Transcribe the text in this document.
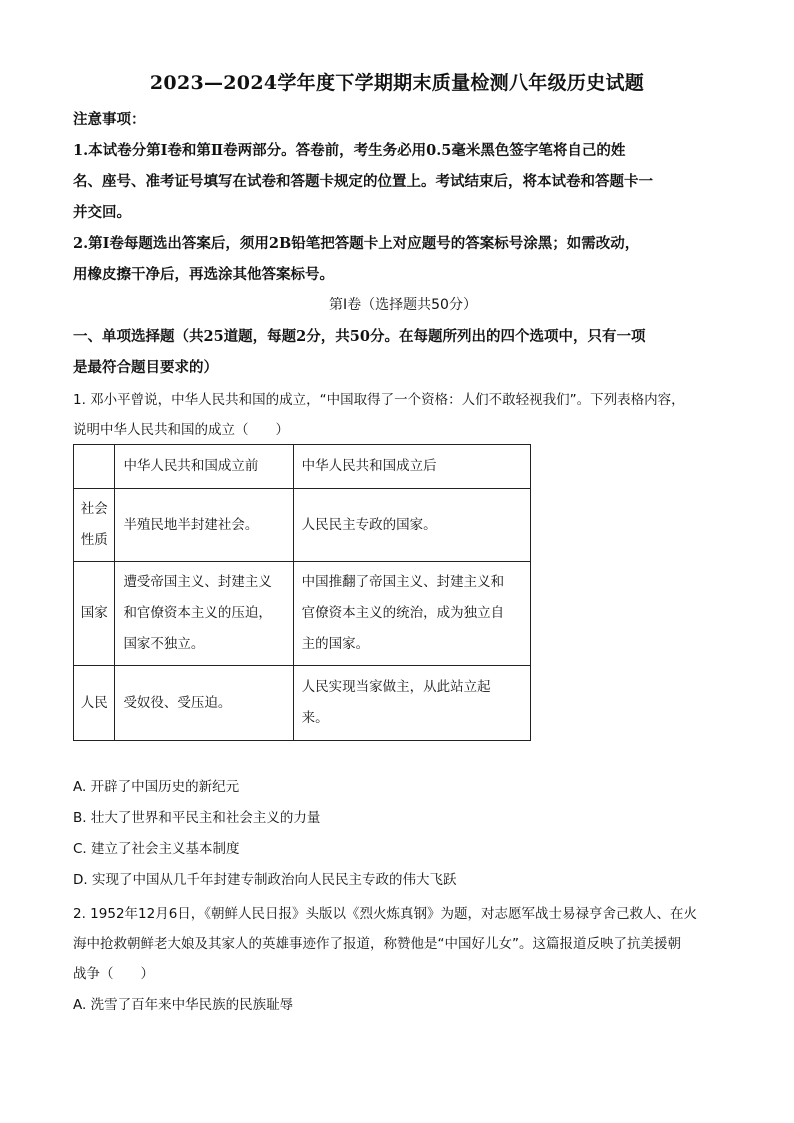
2023—2024学年度下学期期末质量检测八年级历史试题

注意事项：

1.本试卷分第Ⅰ卷和第Ⅱ卷两部分。答卷前，考生务必用0.5毫米黑色签字笔将自己的姓
名、座号、准考证号填写在试卷和答题卡规定的位置上。考试结束后，将本试卷和答题卡一
并交回。

2.第Ⅰ卷每题选出答案后，须用2B铅笔把答题卡上对应题号的答案标号涂黑；如需改动，
用橡皮擦干净后，再选涂其他答案标号。

第Ⅰ卷（选择题共50分）

一、单项选择题（共25道题，每题2分，共50分。在每题所列出的四个选项中，只有一项
是最符合题目要求的）

1. 邓小平曾说，中华人民共和国的成立，“中国取得了一个资格：人们不敢轻视我们”。下列表格内容，
说明中华人民共和国的成立（　　）

	中华人民共和国成立前	中华人民共和国成立后
社会
性质	半殖民地半封建社会。	人民民主专政的国家。
国家	遭受帝国主义、封建主义
和官僚资本主义的压迫，
国家不独立。	中国推翻了帝国主义、封建主义和
官僚资本主义的统治，成为独立自
主的国家。
人民	受奴役、受压迫。	人民实现当家做主，从此站立起
来。

A. 开辟了中国历史的新纪元

B. 壮大了世界和平民主和社会主义的力量

C. 建立了社会主义基本制度

D. 实现了中国从几千年封建专制政治向人民民主专政的伟大飞跃

2. 1952年12月6日，《朝鲜人民日报》头版以《烈火炼真钢》为题，对志愿军战士易禄亨舍己救人、在火
海中抢救朝鲜老大娘及其家人的英雄事迹作了报道，称赞他是“中国好儿女”。这篇报道反映了抗美援朝
战争（　　）

A. 洗雪了百年来中华民族的民族耻辱
